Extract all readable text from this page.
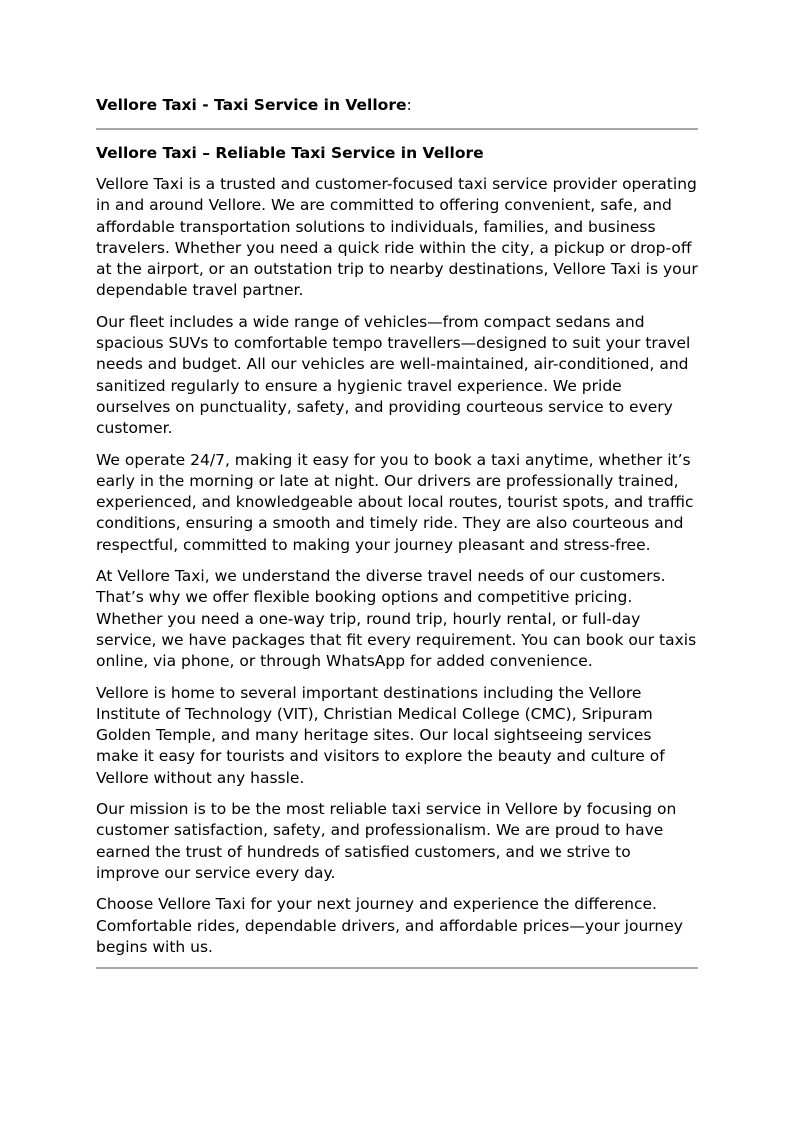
Vellore Taxi - Taxi Service in Vellore:

Vellore Taxi – Reliable Taxi Service in Vellore

Vellore Taxi is a trusted and customer-focused taxi service provider operating in and around Vellore. We are committed to offering convenient, safe, and affordable transportation solutions to individuals, families, and business travelers. Whether you need a quick ride within the city, a pickup or drop-off at the airport, or an outstation trip to nearby destinations, Vellore Taxi is your dependable travel partner.

Our fleet includes a wide range of vehicles—from compact sedans and spacious SUVs to comfortable tempo travellers—designed to suit your travel needs and budget. All our vehicles are well-maintained, air-conditioned, and sanitized regularly to ensure a hygienic travel experience. We pride ourselves on punctuality, safety, and providing courteous service to every customer.

We operate 24/7, making it easy for you to book a taxi anytime, whether it’s early in the morning or late at night. Our drivers are professionally trained, experienced, and knowledgeable about local routes, tourist spots, and traffic conditions, ensuring a smooth and timely ride. They are also courteous and respectful, committed to making your journey pleasant and stress-free.

At Vellore Taxi, we understand the diverse travel needs of our customers. That’s why we offer flexible booking options and competitive pricing. Whether you need a one-way trip, round trip, hourly rental, or full-day service, we have packages that fit every requirement. You can book our taxis online, via phone, or through WhatsApp for added convenience.

Vellore is home to several important destinations including the Vellore Institute of Technology (VIT), Christian Medical College (CMC), Sripuram Golden Temple, and many heritage sites. Our local sightseeing services make it easy for tourists and visitors to explore the beauty and culture of Vellore without any hassle.

Our mission is to be the most reliable taxi service in Vellore by focusing on customer satisfaction, safety, and professionalism. We are proud to have earned the trust of hundreds of satisfied customers, and we strive to improve our service every day.

Choose Vellore Taxi for your next journey and experience the difference. Comfortable rides, dependable drivers, and affordable prices—your journey begins with us.
